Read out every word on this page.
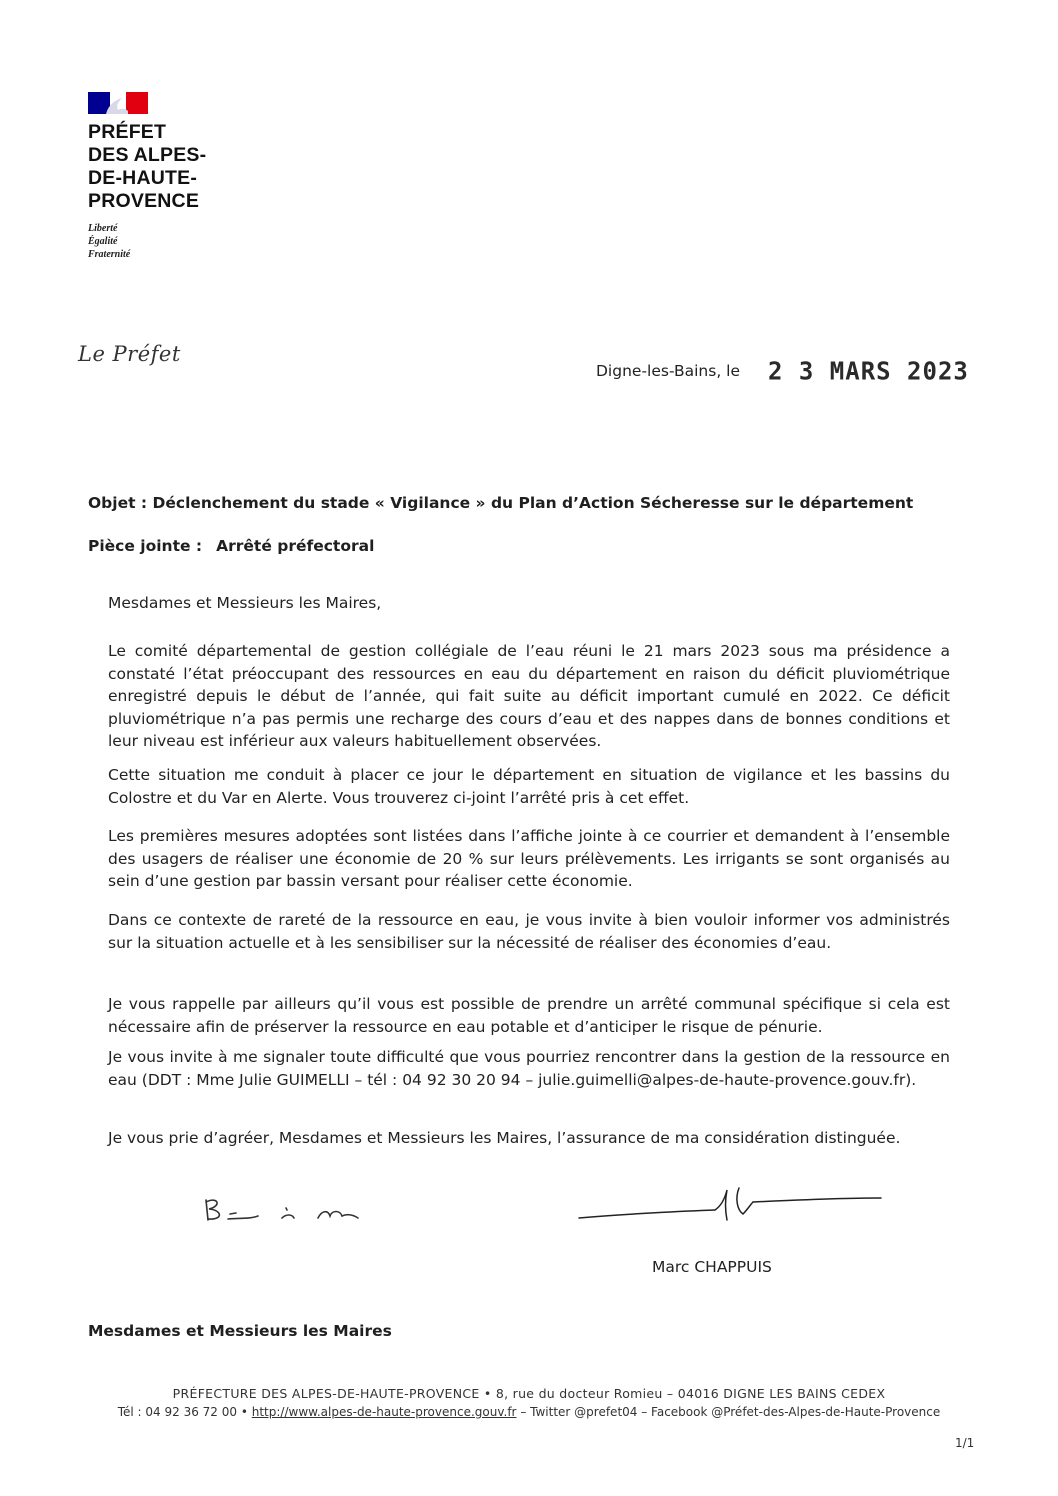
PRÉFET
DES ALPES-
DE-HAUTE-
PROVENCE
Liberté
Égalité
Fraternité
Le Préfet
Digne-les-Bains, le 2 3 MARS 2023
Objet : Déclenchement du stade « Vigilance » du Plan d’Action Sécheresse sur le département
Pièce jointe : Arrêté préfectoral
Mesdames et Messieurs les Maires,

Le comité départemental de gestion collégiale de l’eau réuni le 21 mars 2023 sous ma présidence a constaté l’état préoccupant des ressources en eau du département en raison du déficit pluviométrique enregistré depuis le début de l’année, qui fait suite au déficit important cumulé en 2022. Ce déficit pluviométrique n’a pas permis une recharge des cours d’eau et des nappes dans de bonnes conditions et leur niveau est inférieur aux valeurs habituellement observées.

Cette situation me conduit à placer ce jour le département en situation de vigilance et les bassins du Colostre et du Var en Alerte. Vous trouverez ci-joint l’arrêté pris à cet effet.

Les premières mesures adoptées sont listées dans l’affiche jointe à ce courrier et demandent à l’ensemble des usagers de réaliser une économie de 20 % sur leurs prélèvements. Les irrigants se sont organisés au sein d’une gestion par bassin versant pour réaliser cette économie.

Dans ce contexte de rareté de la ressource en eau, je vous invite à bien vouloir informer vos administrés sur la situation actuelle et à les sensibiliser sur la nécessité de réaliser des économies d’eau.

Je vous rappelle par ailleurs qu’il vous est possible de prendre un arrêté communal spécifique si cela est nécessaire afin de préserver la ressource en eau potable et d’anticiper le risque de pénurie.

Je vous invite à me signaler toute difficulté que vous pourriez rencontrer dans la gestion de la ressource en eau (DDT : Mme Julie GUIMELLI – tél : 04 92 30 20 94 – julie.guimelli@alpes-de-haute-provence.gouv.fr).

Je vous prie d’agréer, Mesdames et Messieurs les Maires, l’assurance de ma considération distinguée.

Marc CHAPPUIS
Mesdames et Messieurs les Maires
PRÉFECTURE DES ALPES-DE-HAUTE-PROVENCE • 8, rue du docteur Romieu – 04016 DIGNE LES BAINS CEDEX
Tél : 04 92 36 72 00 • http://www.alpes-de-haute-provence.gouv.fr – Twitter @prefet04 – Facebook @Préfet-des-Alpes-de-Haute-Provence
1/1
